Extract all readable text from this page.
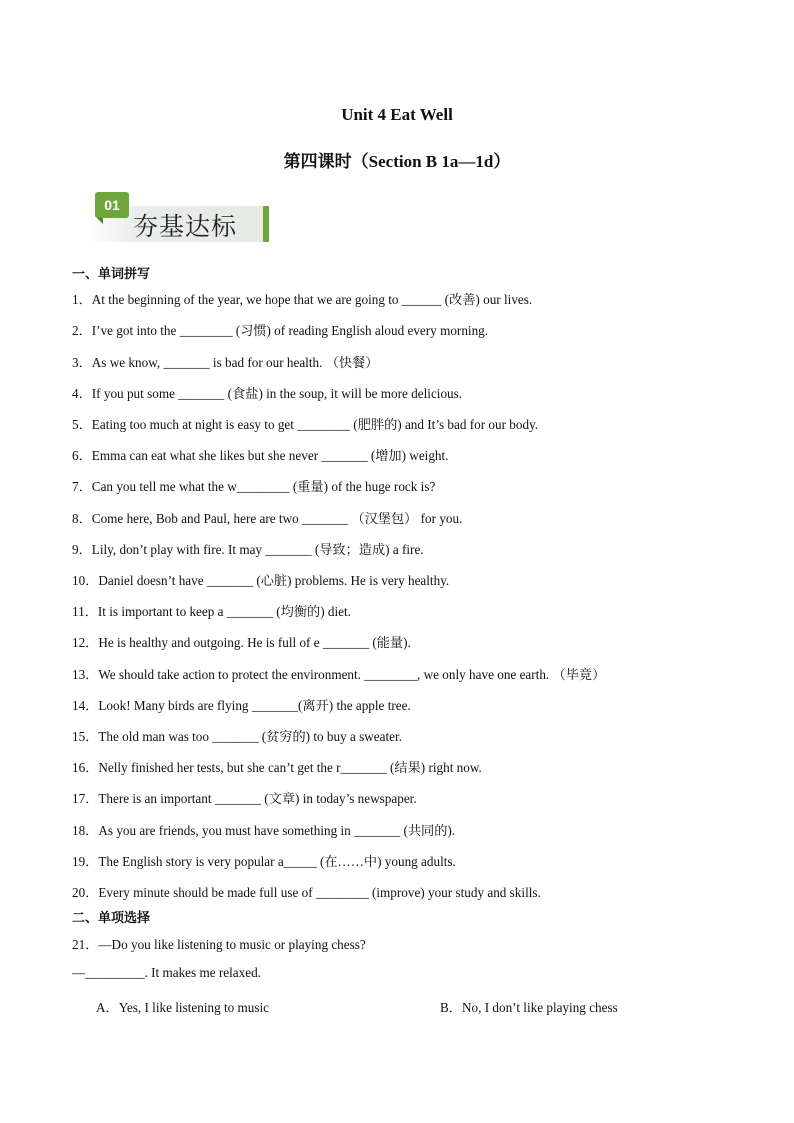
Unit 4 Eat Well
第四课时（Section B 1a—1d）
01
夯基达标
一、单词拼写
1．At the beginning of the year, we hope that we are going to ______ (改善) our lives.
2．I’ve got into the ________ (习惯) of reading English aloud every morning.
3．As we know, _______ is bad for our health. （快餐）
4．If you put some _______ (食盐) in the soup, it will be more delicious.
5．Eating too much at night is easy to get ________ (肥胖的) and It’s bad for our body.
6．Emma can eat what she likes but she never _______ (增加) weight.
7．Can you tell me what the w________ (重量) of the huge rock is?
8．Come here, Bob and Paul, here are two _______ （汉堡包） for you.
9．Lily, don’t play with fire. It may _______ (导致；造成) a fire.
10．Daniel doesn’t have _______ (心脏) problems. He is very healthy.
11．It is important to keep a _______ (均衡的) diet.
12．He is healthy and outgoing. He is full of e _______ (能量).
13．We should take action to protect the environment. ________, we only have one earth. （毕竟）
14．Look! Many birds are flying _______(离开) the apple tree.
15．The old man was too _______ (贫穷的) to buy a sweater.
16．Nelly finished her tests, but she can’t get the r_______ (结果) right now.
17．There is an important _______ (文章) in today’s newspaper.
18．As you are friends, you must have something in _______ (共同的).
19．The English story is very popular a_____ (在……中) young adults.
20．Every minute should be made full use of ________ (improve) your study and skills.
二、单项选择
21．—Do you like listening to music or playing chess?
—_________. It makes me relaxed.
A．Yes, I like listening to music	B．No, I don’t like playing chess
